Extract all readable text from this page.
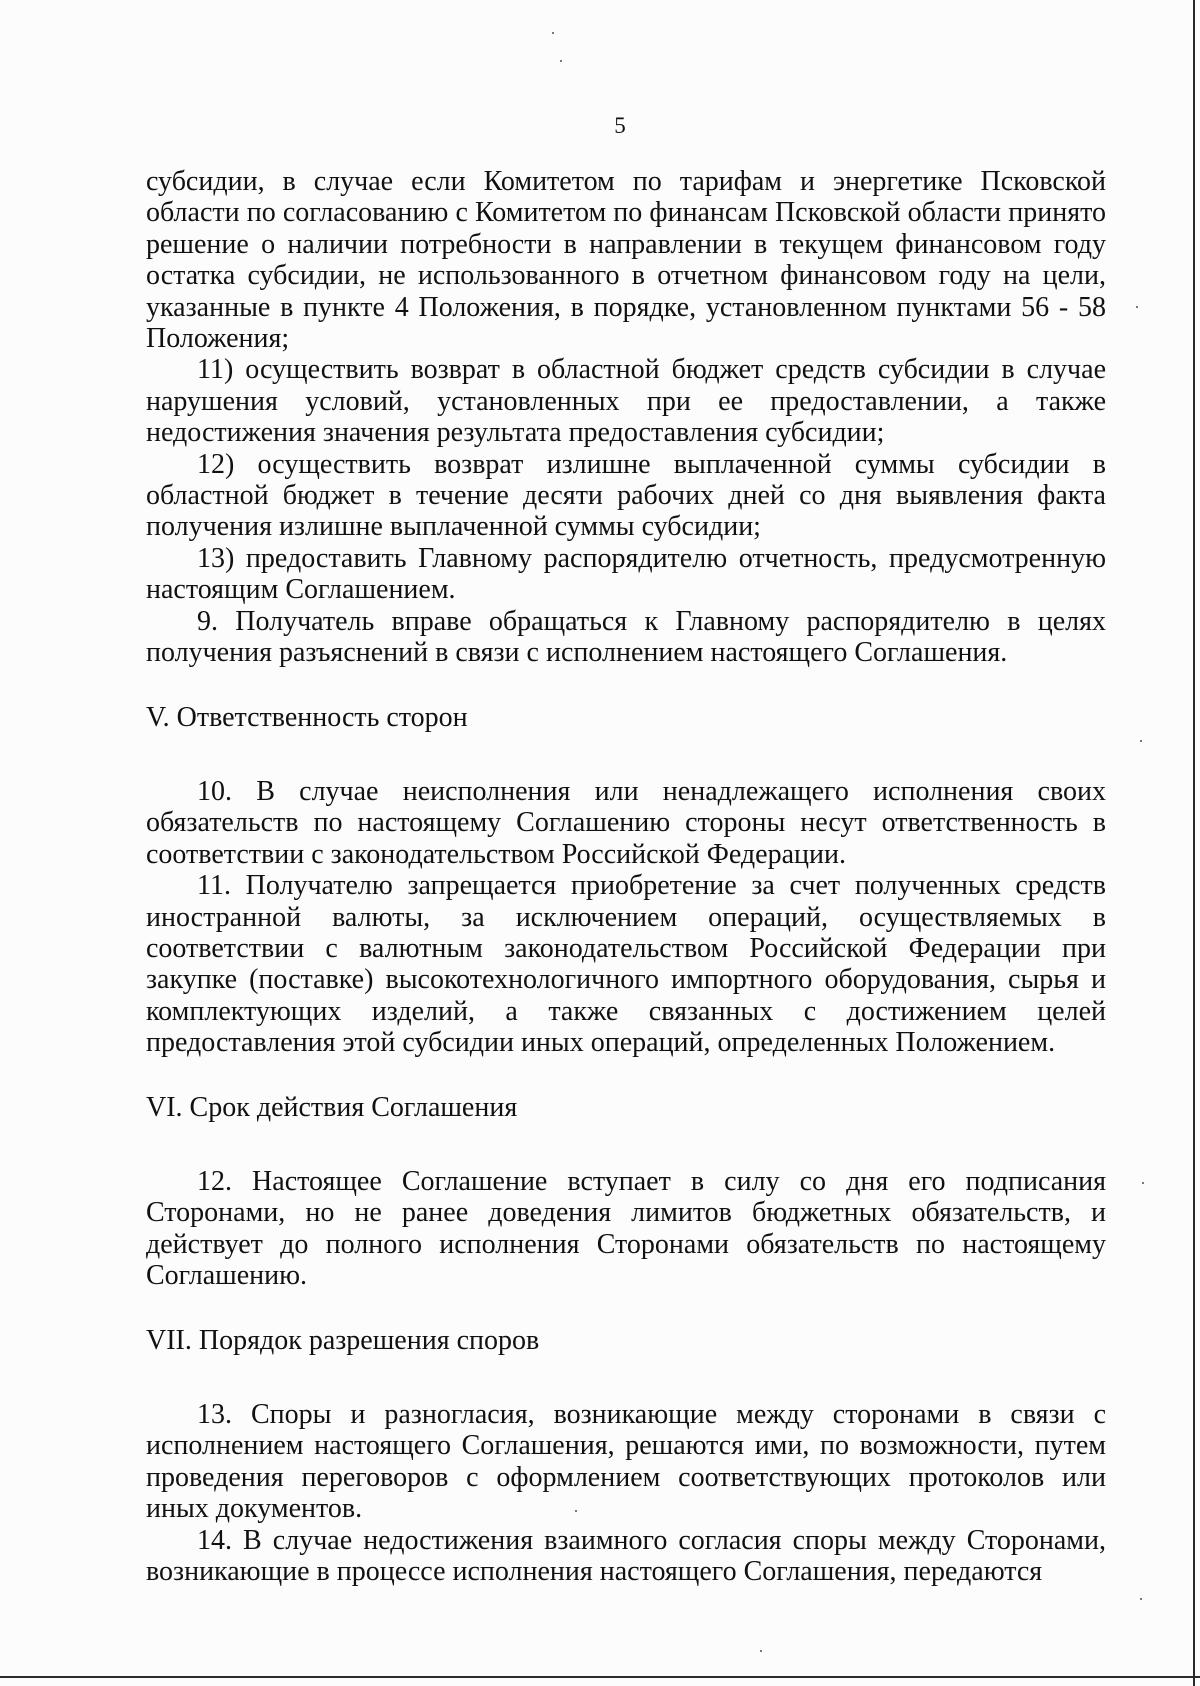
5

субсидии, в случае если Комитетом по тарифам и энергетике Псковской области по согласованию с Комитетом по финансам Псковской области принято решение о наличии потребности в направлении в текущем финансовом году остатка субсидии, не использованного в отчетном финансовом году на цели, указанные в пункте 4 Положения, в порядке, установленном пунктами 56 - 58 Положения;

11) осуществить возврат в областной бюджет средств субсидии в случае нарушения условий, установленных при ее предоставлении, а также недостижения значения результата предоставления субсидии;

12) осуществить возврат излишне выплаченной суммы субсидии в областной бюджет в течение десяти рабочих дней со дня выявления факта получения излишне выплаченной суммы субсидии;

13) предоставить Главному распорядителю отчетность, предусмотренную настоящим Соглашением.

9. Получатель вправе обращаться к Главному распорядителю в целях получения разъяснений в связи с исполнением настоящего Соглашения.

V. Ответственность сторон

10. В случае неисполнения или ненадлежащего исполнения своих обязательств по настоящему Соглашению стороны несут ответственность в соответствии с законодательством Российской Федерации.

11. Получателю запрещается приобретение за счет полученных средств иностранной валюты, за исключением операций, осуществляемых в соответствии с валютным законодательством Российской Федерации при закупке (поставке) высокотехнологичного импортного оборудования, сырья и комплектующих изделий, а также связанных с достижением целей предоставления этой субсидии иных операций, определенных Положением.

VI. Срок действия Соглашения

12. Настоящее Соглашение вступает в силу со дня его подписания Сторонами, но не ранее доведения лимитов бюджетных обязательств, и действует до полного исполнения Сторонами обязательств по настоящему Соглашению.

VII. Порядок разрешения споров

13. Споры и разногласия, возникающие между сторонами в связи с исполнением настоящего Соглашения, решаются ими, по возможности, путем проведения переговоров с оформлением соответствующих протоколов или иных документов.

14. В случае недостижения взаимного согласия споры между Сторонами, возникающие в процессе исполнения настоящего Соглашения, передаются
